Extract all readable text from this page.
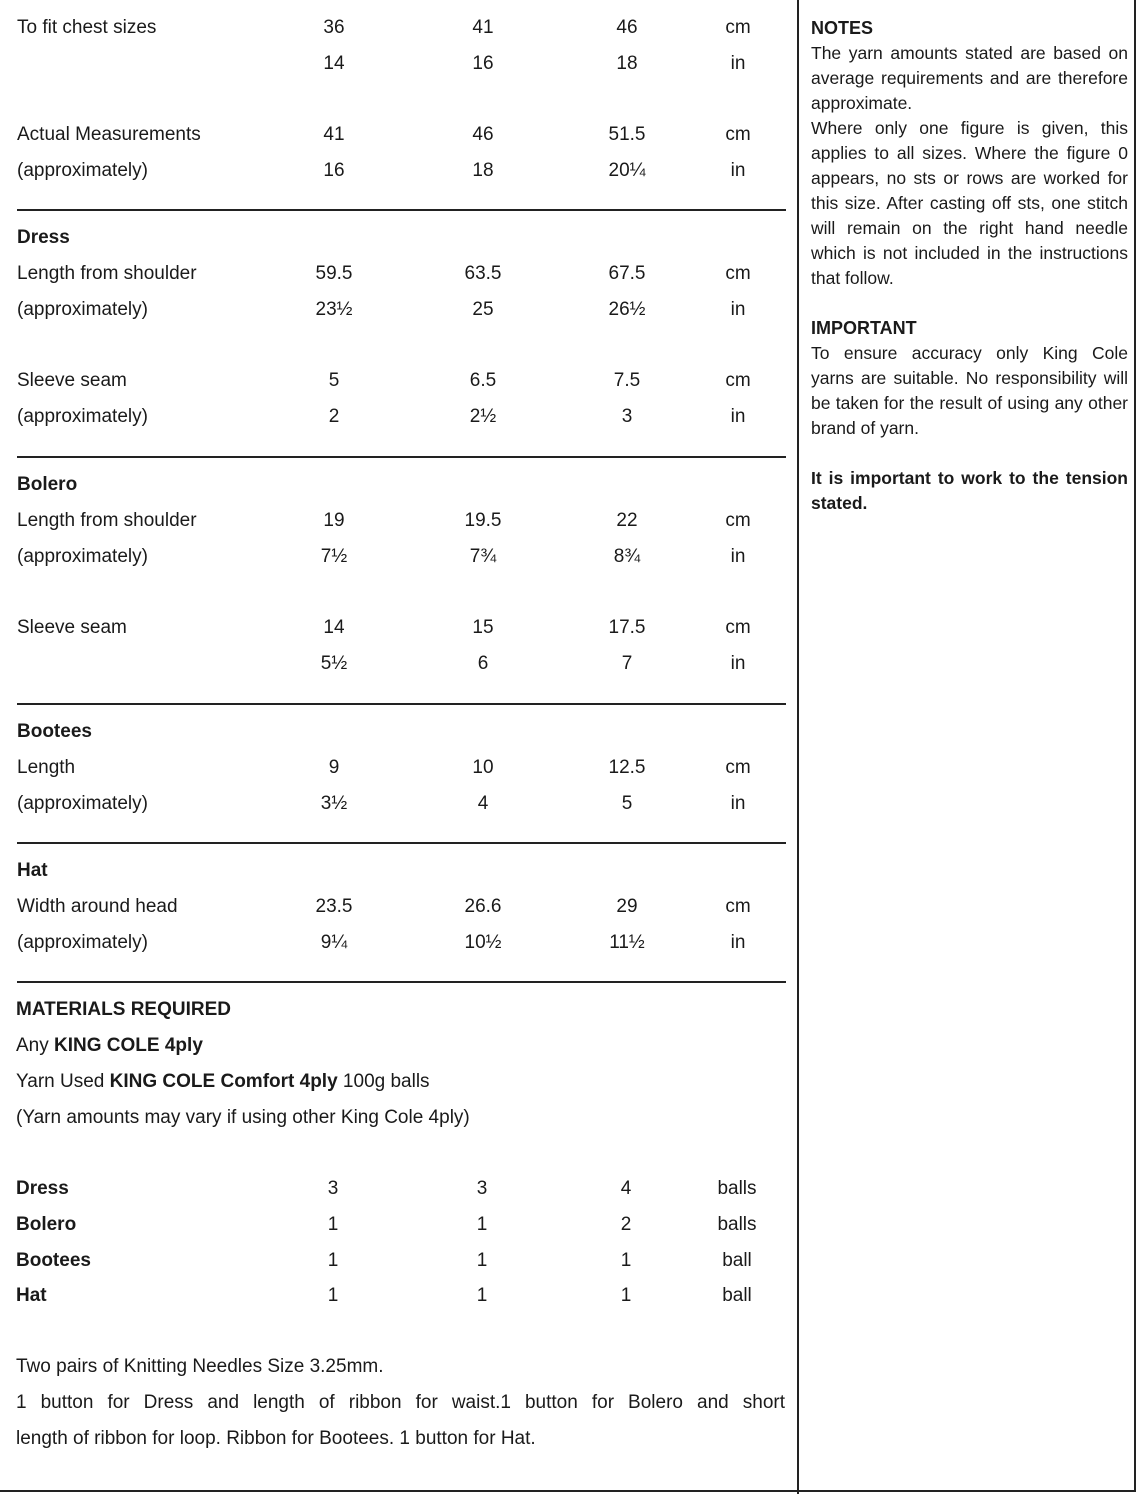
To fit chest sizes	36	41	46	cm
14	16	18	in
Actual Measurements	41	46	51.5	cm
(approximately)	16	18	20¼	in
Dress
Length from shoulder	59.5	63.5	67.5	cm
(approximately)	23½	25	26½	in
Sleeve seam	5	6.5	7.5	cm
(approximately)	2	2½	3	in
Bolero
Length from shoulder	19	19.5	22	cm
(approximately)	7½	7¾	8¾	in
Sleeve seam	14	15	17.5	cm
5½	6	7	in
Bootees
Length	9	10	12.5	cm
(approximately)	3½	4	5	in
Hat
Width around head	23.5	26.6	29	cm
(approximately)	9¼	10½	11½	in
MATERIALS REQUIRED
Any KING COLE 4ply
Yarn Used KING COLE Comfort 4ply 100g balls
(Yarn amounts may vary if using other King Cole 4ply)
Dress	3	3	4	balls
Bolero	1	1	2	balls
Bootees	1	1	1	ball
Hat	1	1	1	ball
Two pairs of Knitting Needles Size 3.25mm.
1 button for Dress and length of ribbon for waist.1 button for Bolero and short
length of ribbon for loop. Ribbon for Bootees. 1 button for Hat.
NOTES

The yarn amounts stated are based on average requirements and are therefore approximate.

Where only one figure is given, this applies to all sizes. Where the figure 0 appears, no sts or rows are worked for this size. After casting off sts, one stitch will remain on the right hand needle which is not included in the instructions that follow.

IMPORTANT

To ensure accuracy only King Cole yarns are suitable. No responsibility will be taken for the result of using any other brand of yarn.

It is important to work to the tension stated.
